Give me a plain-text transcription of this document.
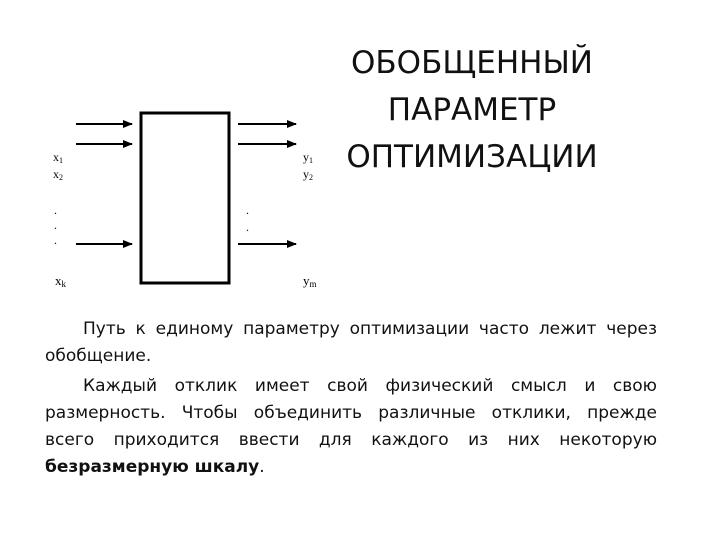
ОБОБЩЕННЫЙ
ПАРАМЕТР
ОПТИМИЗАЦИИ
x1
x2
xk
.
.
.
y1
y2
ym
.
.

Путь к единому параметру оптимизации часто лежит через обобщение.

Каждый отклик имеет свой физический смысл и свою размерность. Чтобы объединить различные отклики, прежде всего приходится ввести для каждого из них некоторую безразмерную шкалу.
